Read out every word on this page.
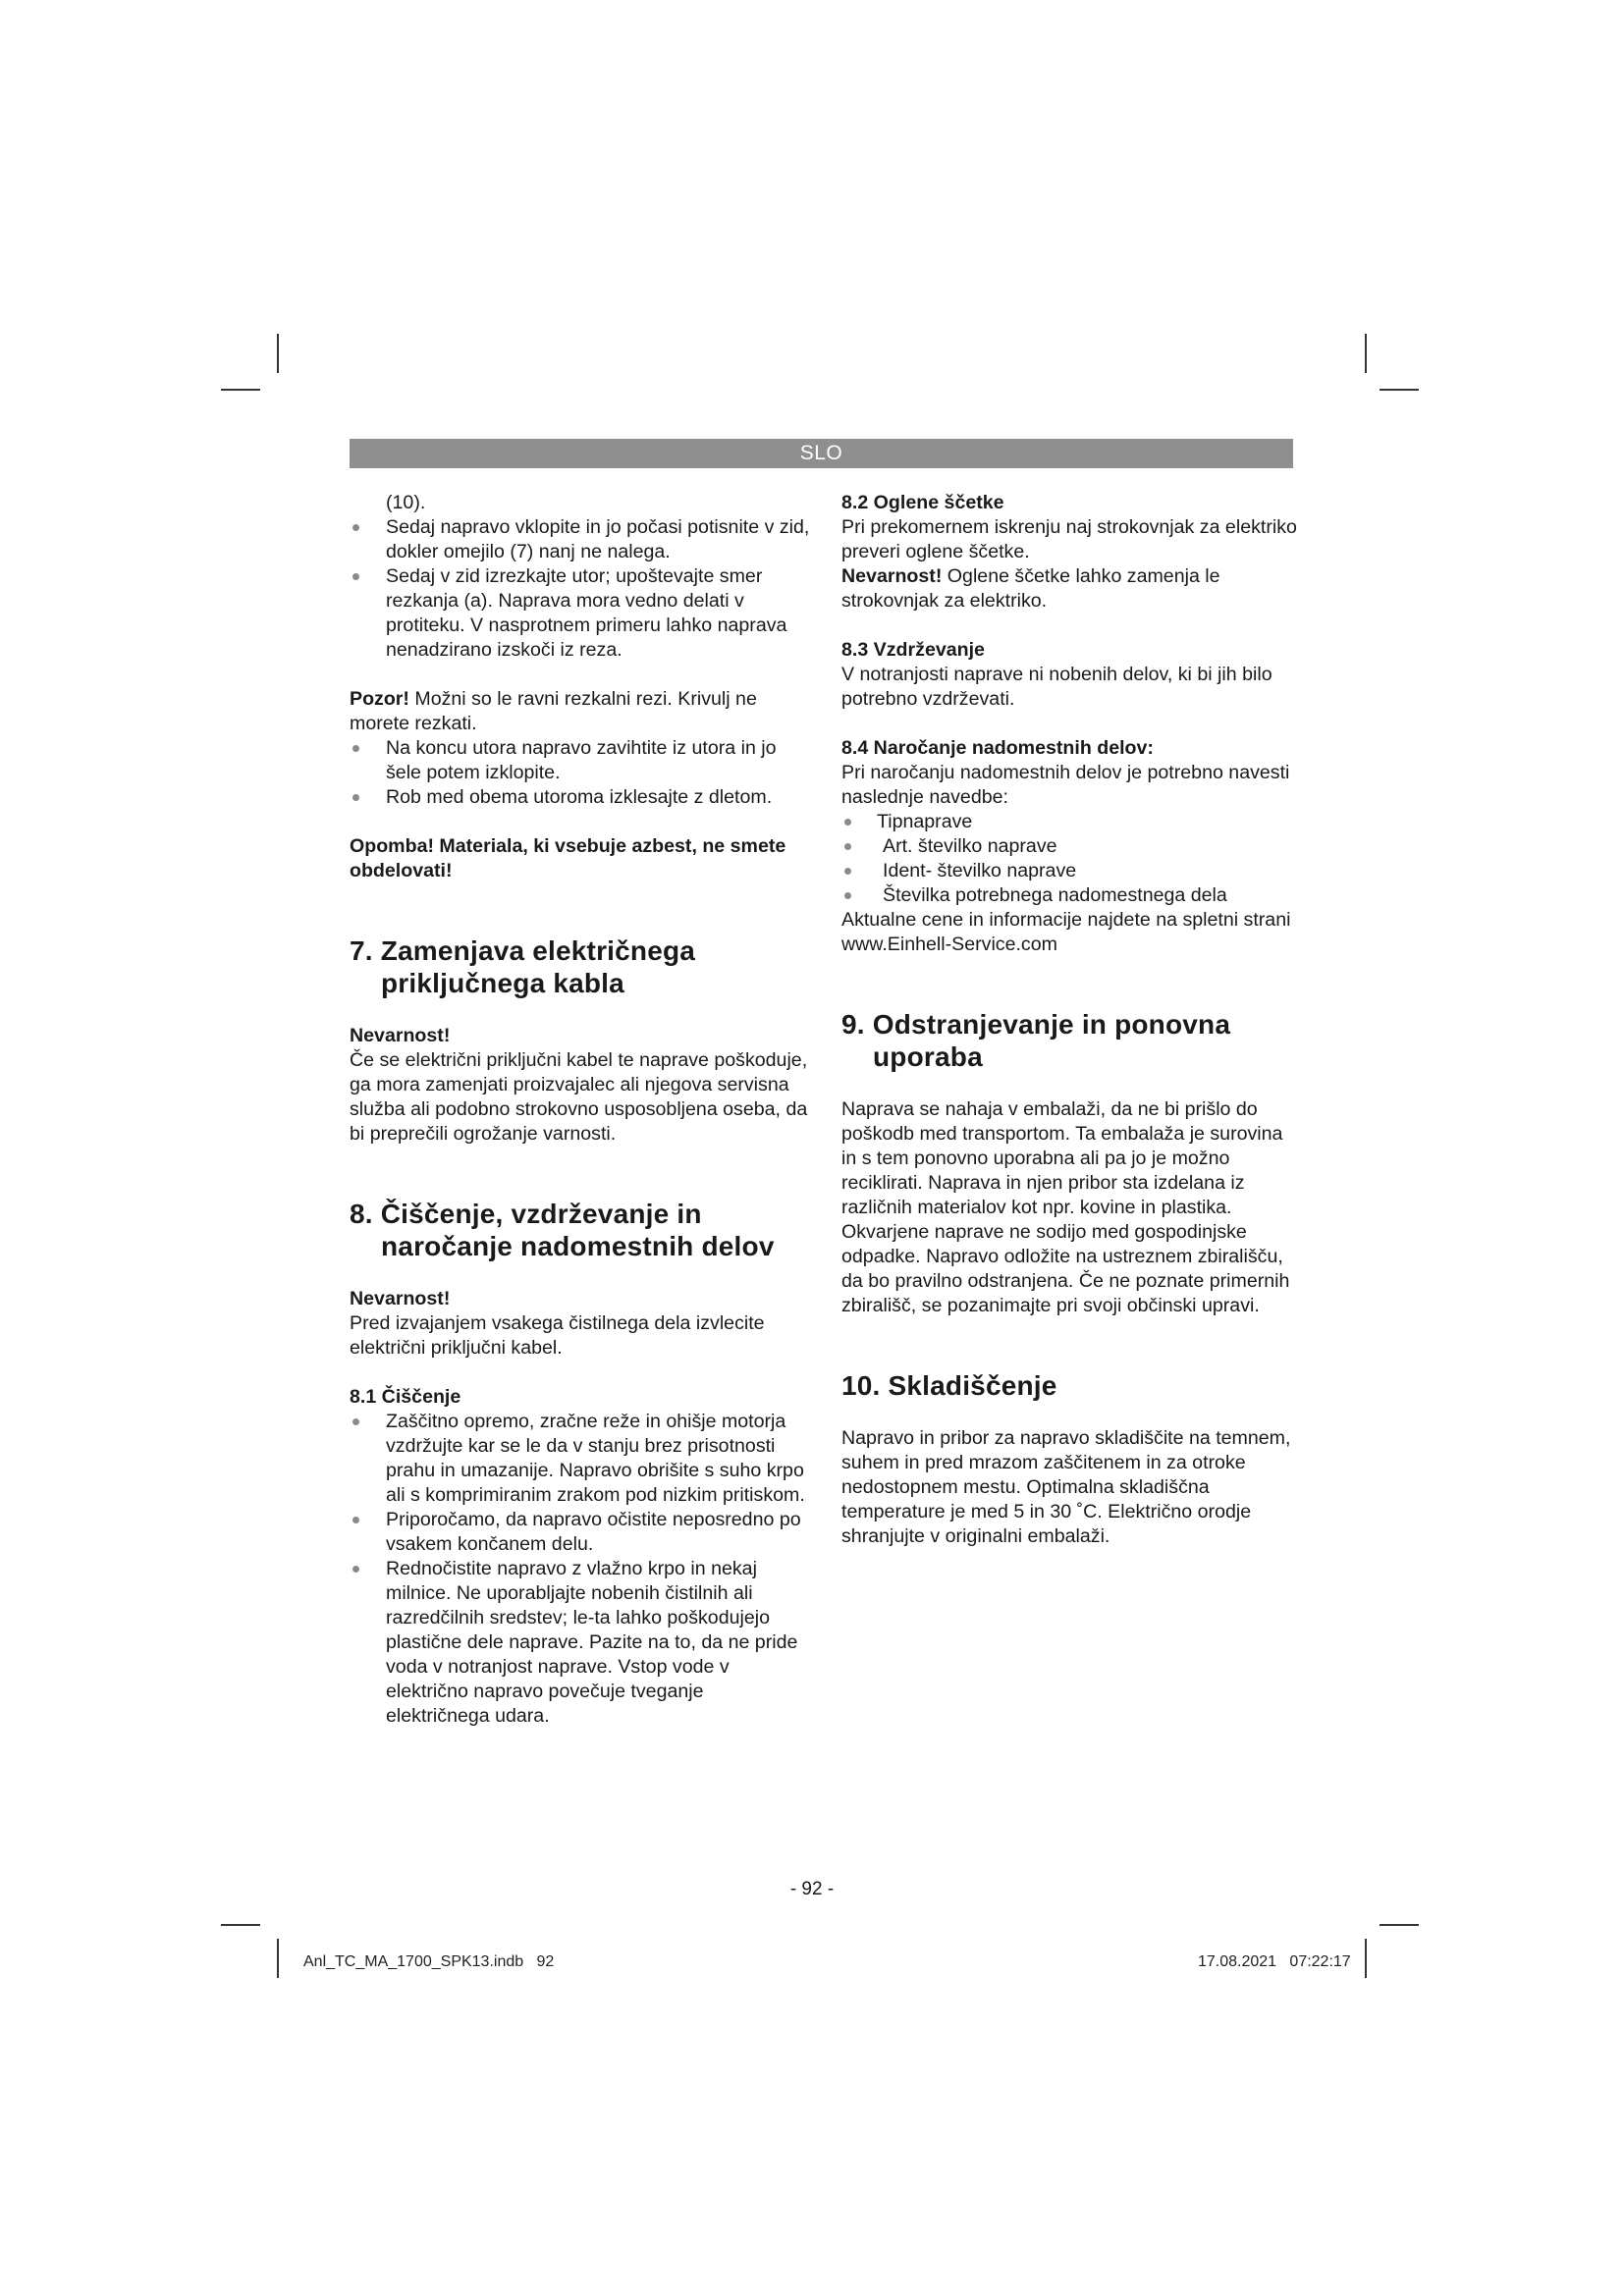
SLO

(10).

Sedaj napravo vklopite in jo počasi potisnite v zid, dokler omejilo (7) nanj ne nalega.
Sedaj v zid izrezkajte utor; upoštevajte smer rezkanja (a). Naprava mora vedno delati v protiteku. V nasprotnem primeru lahko naprava nenadzirano izskoči iz reza.

Pozor! Možni so le ravni rezkalni rezi. Krivulj ne morete rezkati.

Na koncu utora napravo zavihtite iz utora in jo šele potem izklopite.
Rob med obema utoroma izklesajte z dletom.

Opomba! Materiala, ki vsebuje azbest, ne smete obdelovati!

7. Zamenjava električnega priključnega kabla

Nevarnost!

Če se električni priključni kabel te naprave poškoduje, ga mora zamenjati proizvajalec ali njegova servisna služba ali podobno strokovno usposobljena oseba, da bi preprečili ogrožanje varnosti.

8. Čiščenje, vzdrževanje in naročanje nadomestnih delov

Nevarnost!

Pred izvajanjem vsakega čistilnega dela izvlecite električni priključni kabel.

8.1 Čiščenje

Zaščitno opremo, zračne reže in ohišje motorja vzdržujte kar se le da v stanju brez prisotnosti prahu in umazanije. Napravo obrišite s suho krpo ali s komprimiranim zrakom pod nizkim pritiskom.
Priporočamo, da napravo očistite neposredno po vsakem končanem delu.
Rednočistite napravo z vlažno krpo in nekaj milnice. Ne uporabljajte nobenih čistilnih ali razredčilnih sredstev; le-ta lahko poškodujejo plastične dele naprave. Pazite na to, da ne pride voda v notranjost naprave. Vstop vode v električno napravo povečuje tveganje električnega udara.

8.2 Oglene ščetke

Pri prekomernem iskrenju naj strokovnjak za elektriko preveri oglene ščetke.

Nevarnost! Oglene ščetke lahko zamenja le strokovnjak za elektriko.

8.3 Vzdrževanje

V notranjosti naprave ni nobenih delov, ki bi jih bilo potrebno vzdrževati.

8.4 Naročanje nadomestnih delov:

Pri naročanju nadomestnih delov je potrebno navesti naslednje navedbe:

Tipnaprave
Art. številko naprave
Ident- številko naprave
Številka potrebnega nadomestnega dela

Aktualne cene in informacije najdete na spletni strani www.Einhell-Service.com

9. Odstranjevanje in ponovna uporaba

Naprava se nahaja v embalaži, da ne bi prišlo do poškodb med transportom. Ta embalaža je surovina in s tem ponovno uporabna ali pa jo je možno reciklirati. Naprava in njen pribor sta izdelana iz različnih materialov kot npr. kovine in plastika. Okvarjene naprave ne sodijo med gospodinjske odpadke. Napravo odložite na ustreznem zbirališču, da bo pravilno odstranjena. Če ne poznate primernih zbirališč, se pozanimajte pri svoji občinski upravi.

10. Skladiščenje

Napravo in pribor za napravo skladiščite na temnem, suhem in pred mrazom zaščitenem in za otroke nedostopnem mestu. Optimalna skladiščna temperature je med 5 in 30 ˚C. Električno orodje shranjujte v originalni embalaži.

- 92 -
Anl_TC_MA_1700_SPK13.indb   92	17.08.2021   07:22:17
